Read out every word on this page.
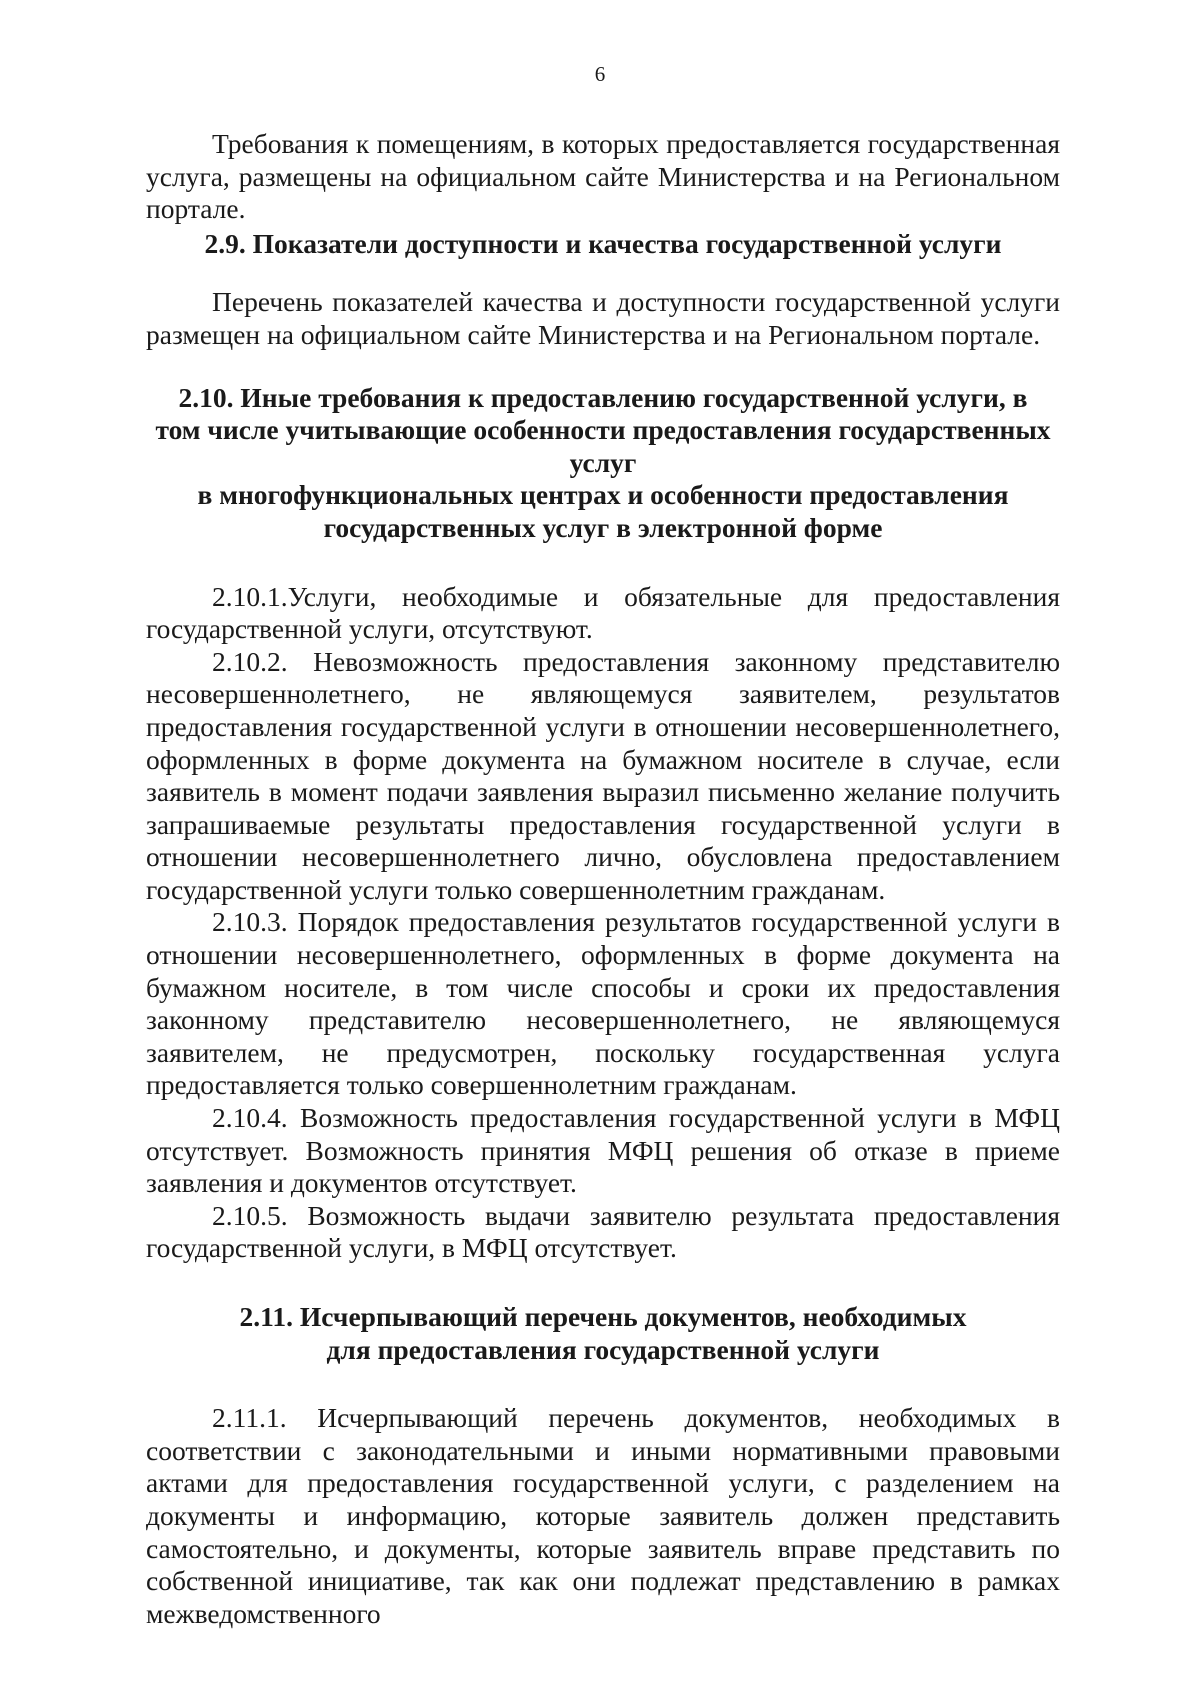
6

Требования к помещениям, в которых предоставляется государственная услуга, размещены на официальном сайте Министерства и на Региональном портале.

2.9. Показатели доступности и качества государственной услуги

Перечень показателей качества и доступности государственной услуги размещен на официальном сайте Министерства и на Региональном портале.

2.10. Иные требования к предоставлению государственной услуги, в
том числе учитывающие особенности предоставления государственных услуг
в многофункциональных центрах и особенности предоставления
государственных услуг в электронной форме

2.10.1.Услуги, необходимые и обязательные для предоставления государственной услуги, отсутствуют.

2.10.2. Невозможность предоставления законному представителю несовершеннолетнего, не являющемуся заявителем, результатов предоставления государственной услуги в отношении несовершеннолетнего, оформленных в форме документа на бумажном носителе в случае, если заявитель в момент подачи заявления выразил письменно желание получить запрашиваемые результаты предоставления государственной услуги в отношении несовершеннолетнего лично, обусловлена предоставлением государственной услуги только совершеннолетним гражданам.

2.10.3. Порядок предоставления результатов государственной услуги в отношении несовершеннолетнего, оформленных в форме документа на бумажном носителе, в том числе способы и сроки их предоставления законному представителю несовершеннолетнего, не являющемуся заявителем, не предусмотрен, поскольку государственная услуга предоставляется только совершеннолетним гражданам.

2.10.4. Возможность предоставления государственной услуги в МФЦ отсутствует. Возможность принятия МФЦ решения об отказе в приеме заявления и документов отсутствует.

2.10.5. Возможность выдачи заявителю результата предоставления государственной услуги, в МФЦ отсутствует.

2.11. Исчерпывающий перечень документов, необходимых
для предоставления государственной услуги

2.11.1. Исчерпывающий перечень документов, необходимых в соответствии с законодательными и иными нормативными правовыми актами для предоставления государственной услуги, с разделением на документы и информацию, которые заявитель должен представить самостоятельно, и документы, которые заявитель вправе представить по собственной инициативе, так как они подлежат представлению в рамках межведомственного
